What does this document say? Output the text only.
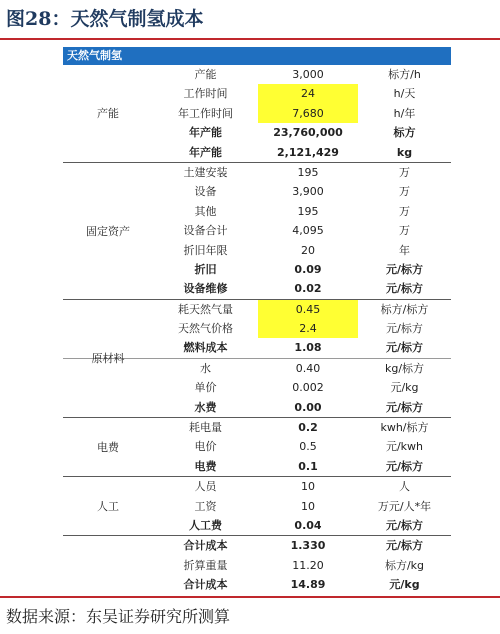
图28：天然气制氢成本
天然气制氢
产能
产能	3,000	标方/h
工作时间	24	h/天
年工作时间	7,680	h/年
年产能	23,760,000	标方
年产能	2,121,429	kg
固定资产
土建安装	195	万
设备	3,900	万
其他	195	万
设备合计	4,095	万
折旧年限	20	年
折旧	0.09	元/标方
设备维修	0.02	元/标方
原材料
耗天然气量	0.45	标方/标方
天然气价格	2.4	元/标方
燃料成本	1.08	元/标方
水	0.40	kg/标方
单价	0.002	元/kg
水费	0.00	元/标方
电费
耗电量	0.2	kwh/标方
电价	0.5	元/kwh
电费	0.1	元/标方
人工
人员	10	人
工资	10	万元/人*年
人工费	0.04	元/标方
合计成本	1.330	元/标方
折算重量	11.20	标方/kg
合计成本	14.89	元/kg
数据来源：东吴证券研究所测算
